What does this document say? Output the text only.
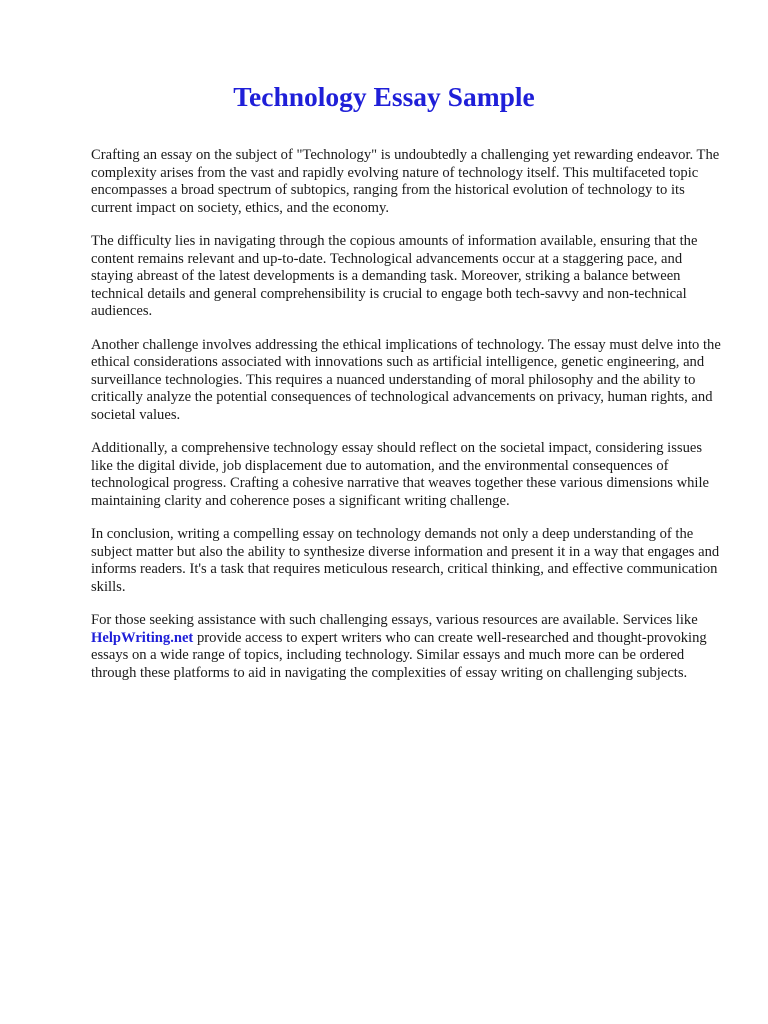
Technology Essay Sample

Crafting an essay on the subject of "Technology" is undoubtedly a challenging yet rewarding endeavor. The complexity arises from the vast and rapidly evolving nature of technology itself. This multifaceted topic encompasses a broad spectrum of subtopics, ranging from the historical evolution of technology to its current impact on society, ethics, and the economy.

The difficulty lies in navigating through the copious amounts of information available, ensuring that the content remains relevant and up-to-date. Technological advancements occur at a staggering pace, and staying abreast of the latest developments is a demanding task. Moreover, striking a balance between technical details and general comprehensibility is crucial to engage both tech-savvy and non-technical audiences.

Another challenge involves addressing the ethical implications of technology. The essay must delve into the ethical considerations associated with innovations such as artificial intelligence, genetic engineering, and surveillance technologies. This requires a nuanced understanding of moral philosophy and the ability to critically analyze the potential consequences of technological advancements on privacy, human rights, and societal values.

Additionally, a comprehensive technology essay should reflect on the societal impact, considering issues like the digital divide, job displacement due to automation, and the environmental consequences of technological progress. Crafting a cohesive narrative that weaves together these various dimensions while maintaining clarity and coherence poses a significant writing challenge.

In conclusion, writing a compelling essay on technology demands not only a deep understanding of the subject matter but also the ability to synthesize diverse information and present it in a way that engages and informs readers. It's a task that requires meticulous research, critical thinking, and effective communication skills.

For those seeking assistance with such challenging essays, various resources are available. Services like HelpWriting.net provide access to expert writers who can create well-researched and thought-provoking essays on a wide range of topics, including technology. Similar essays and much more can be ordered through these platforms to aid in navigating the complexities of essay writing on challenging subjects.
